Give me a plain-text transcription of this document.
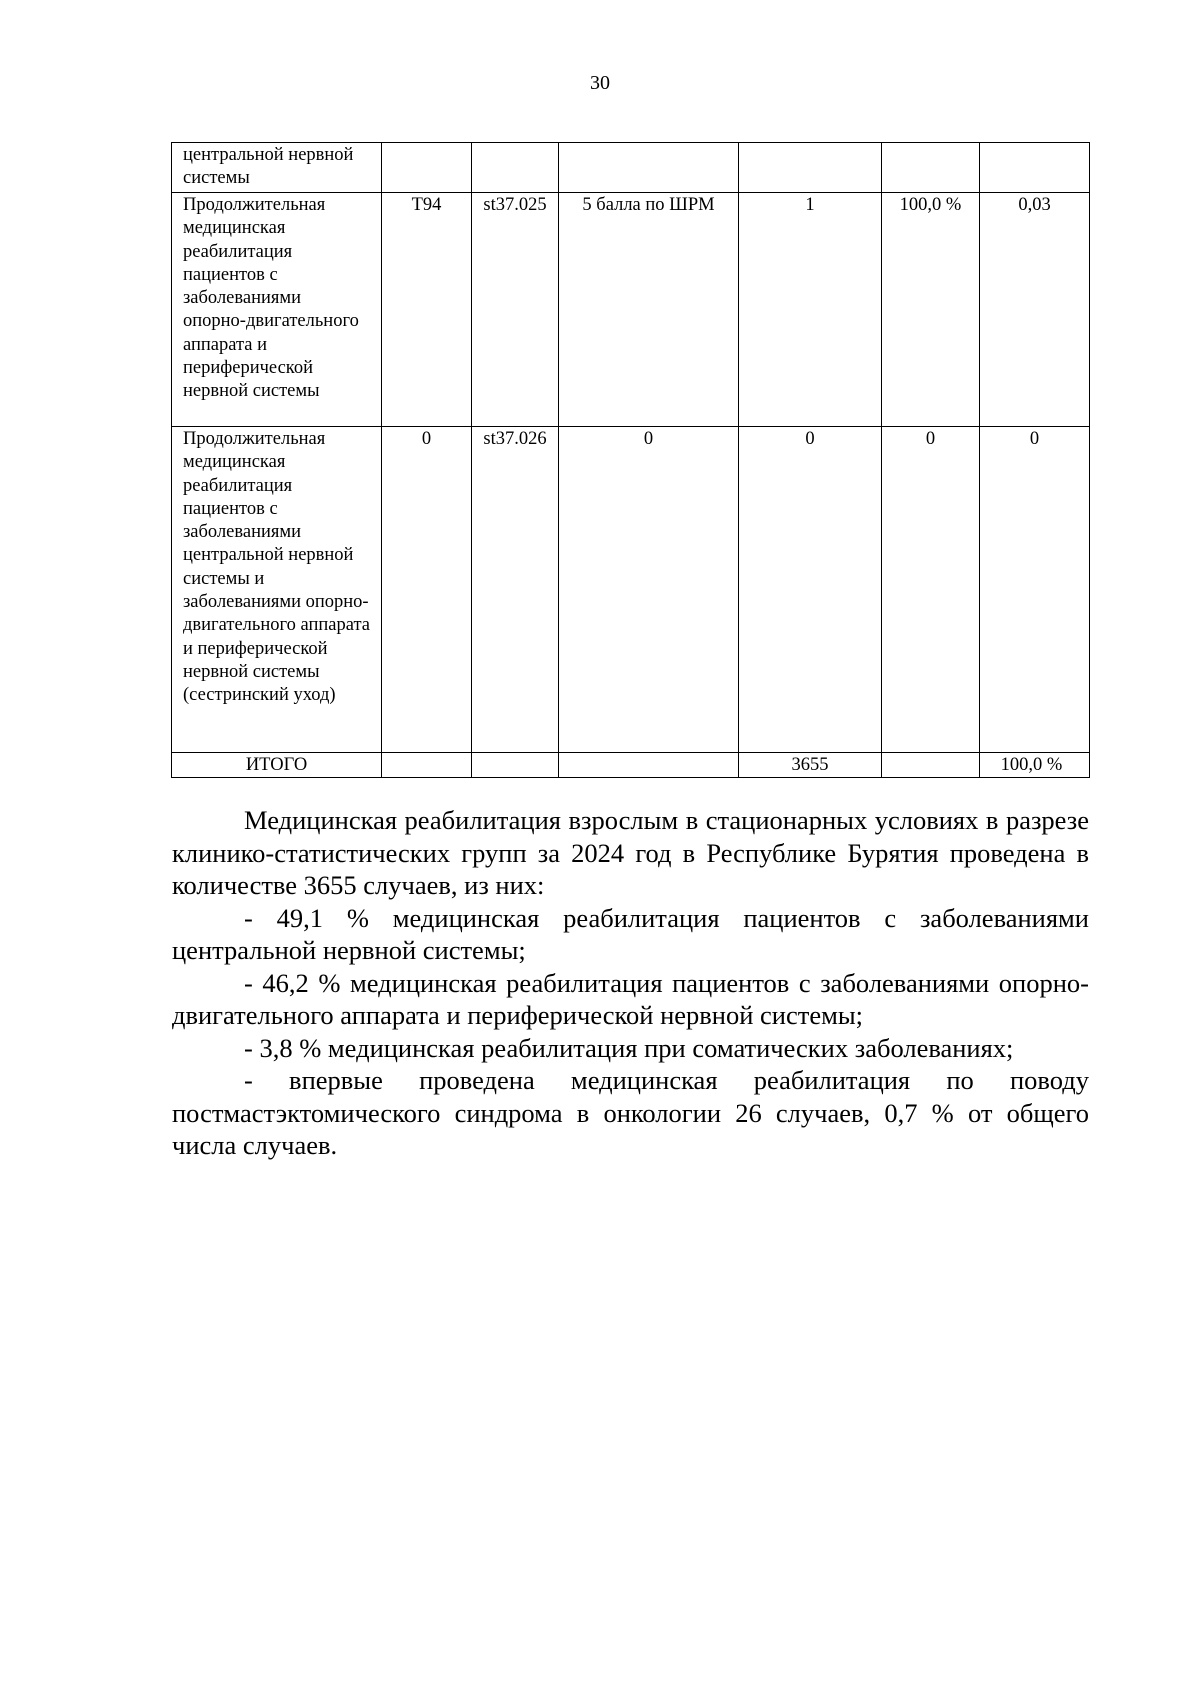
30
центральной нервной системы						
Продолжительная медицинская реабилитация пациентов с заболеваниями опорно-двигательного аппарата и периферической нервной системы	Т94	st37.025	5 балла по ШРМ	1	100,0 %	0,03
Продолжительная медицинская реабилитация пациентов с заболеваниями центральной нервной системы и заболеваниями опорно-двигательного аппарата и периферической нервной системы (сестринский уход)	0	st37.026	0	0	0	0
ИТОГО				3655		100,0 %

Медицинская реабилитация взрослым в стационарных условиях в разрезе клинико-статистических групп за 2024 год в Республике Бурятия проведена в количестве 3655 случаев, из них:

- 49,1 % медицинская реабилитация пациентов с заболеваниями центральной нервной системы;

- 46,2 % медицинская реабилитация пациентов с заболеваниями опорно-двигательного аппарата и периферической нервной системы;

- 3,8 % медицинская реабилитация при соматических заболеваниях;

- впервые проведена медицинская реабилитация по поводу постмастэктомического синдрома в онкологии 26 случаев, 0,7 % от общего числа случаев.
